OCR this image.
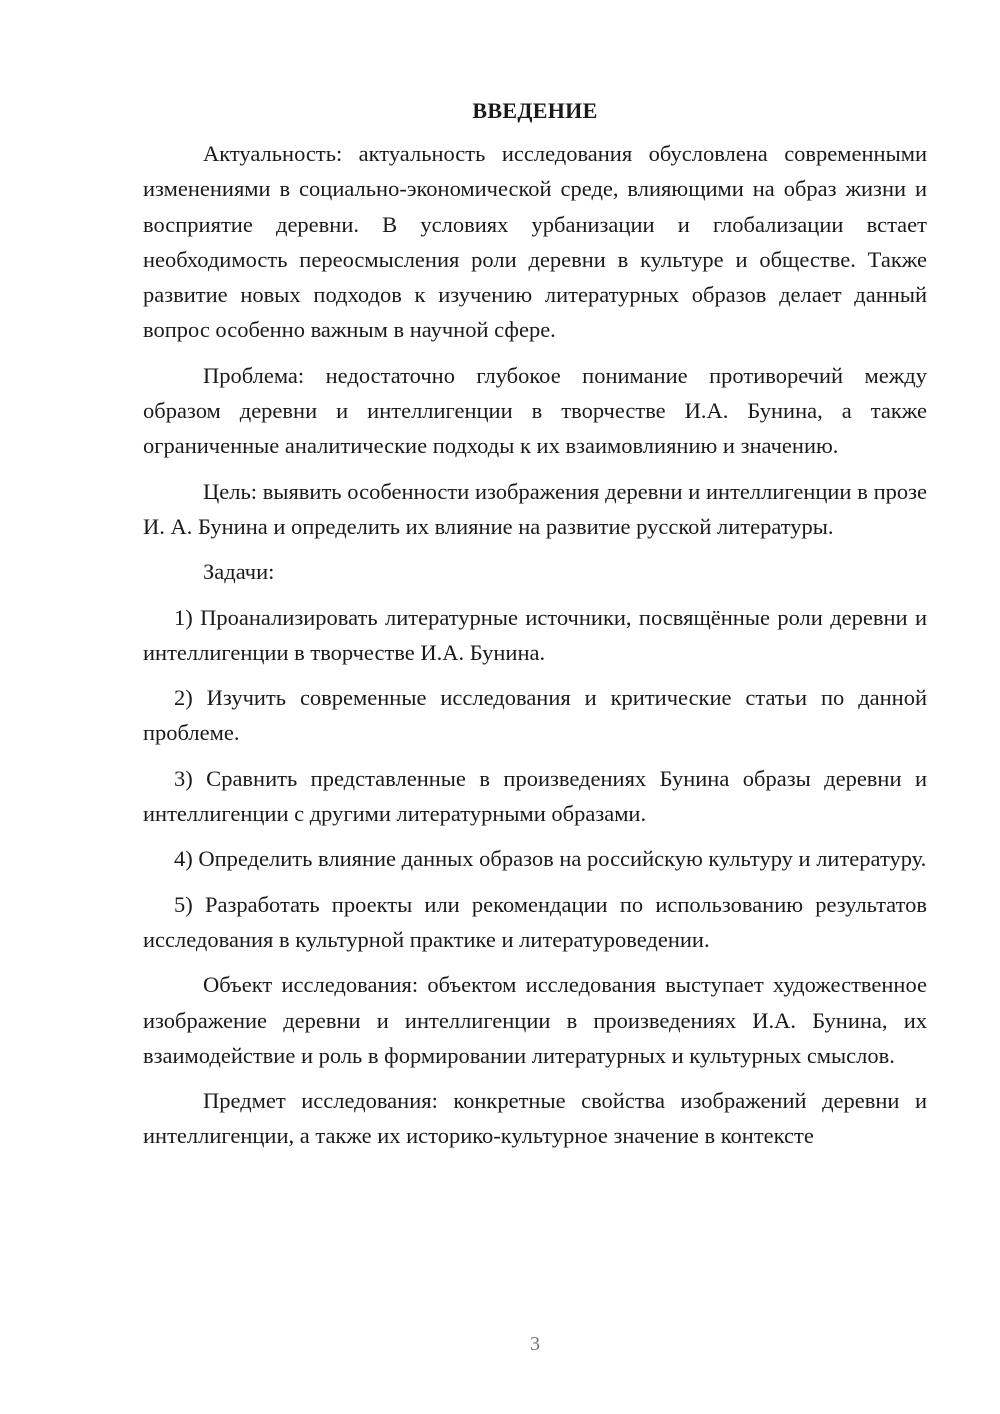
ВВЕДЕНИЕ

Актуальность: актуальность исследования обусловлена современными изменениями в социально-экономической среде, влияющими на образ жизни и восприятие деревни. В условиях урбанизации и глобализации встает необходимость переосмысления роли деревни в культуре и обществе. Также развитие новых подходов к изучению литературных образов делает данный вопрос особенно важным в научной сфере.

Проблема: недостаточно глубокое понимание противоречий между образом деревни и интеллигенции в творчестве И.А. Бунина, а также ограниченные аналитические подходы к их взаимовлиянию и значению.

Цель: выявить особенности изображения деревни и интеллигенции в прозе И. А. Бунина и определить их влияние на развитие русской литературы.

Задачи:

1) Проанализировать литературные источники, посвящённые роли деревни и интеллигенции в творчестве И.А. Бунина.

2) Изучить современные исследования и критические статьи по данной проблеме.

3) Сравнить представленные в произведениях Бунина образы деревни и интеллигенции с другими литературными образами.

4) Определить влияние данных образов на российскую культуру и литературу.

5) Разработать проекты или рекомендации по использованию результатов исследования в культурной практике и литературоведении.

Объект исследования: объектом исследования выступает художественное изображение деревни и интеллигенции в произведениях И.А. Бунина, их взаимодействие и роль в формировании литературных и культурных смыслов.

Предмет исследования: конкретные свойства изображений деревни и интеллигенции, а также их историко-культурное значение в контексте

3
